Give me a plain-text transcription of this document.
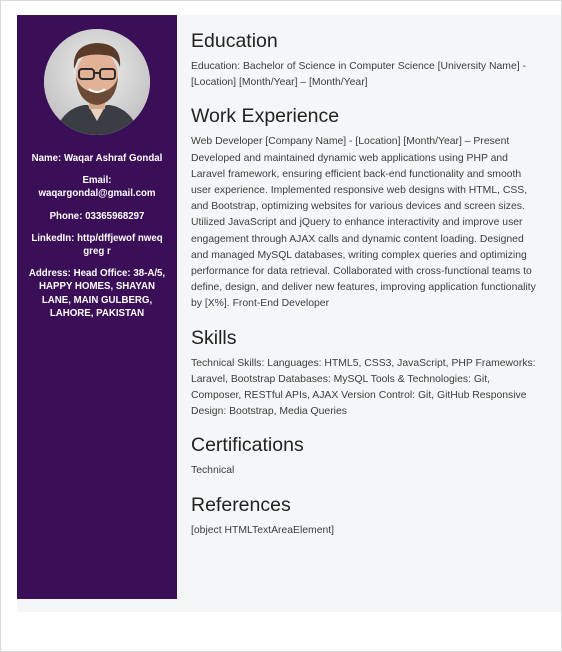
Name: Waqar Ashraf Gondal

Email:
waqargondal@gmail.com

Phone: 03365968297

LinkedIn: http/dffjewof nweq greg r

Address: Head Office: 38-A/5, HAPPY HOMES, SHAYAN LANE, MAIN GULBERG, LAHORE, PAKISTAN

Education

Education: Bachelor of Science in Computer Science [University Name] - [Location] [Month/Year] – [Month/Year]

Work Experience

Web Developer [Company Name] - [Location] [Month/Year] – Present Developed and maintained dynamic web applications using PHP and Laravel framework, ensuring efficient back-end functionality and smooth user experience. Implemented responsive web designs with HTML, CSS, and Bootstrap, optimizing websites for various devices and screen sizes. Utilized JavaScript and jQuery to enhance interactivity and improve user engagement through AJAX calls and dynamic content loading. Designed and managed MySQL databases, writing complex queries and optimizing performance for data retrieval. Collaborated with cross-functional teams to define, design, and deliver new features, improving application functionality by [X%]. Front-End Developer

Skills

Technical Skills: Languages: HTML5, CSS3, JavaScript, PHP Frameworks: Laravel, Bootstrap Databases: MySQL Tools & Technologies: Git, Composer, RESTful APIs, AJAX Version Control: Git, GitHub Responsive Design: Bootstrap, Media Queries

Certifications

Technical

References

[object HTMLTextAreaElement]
